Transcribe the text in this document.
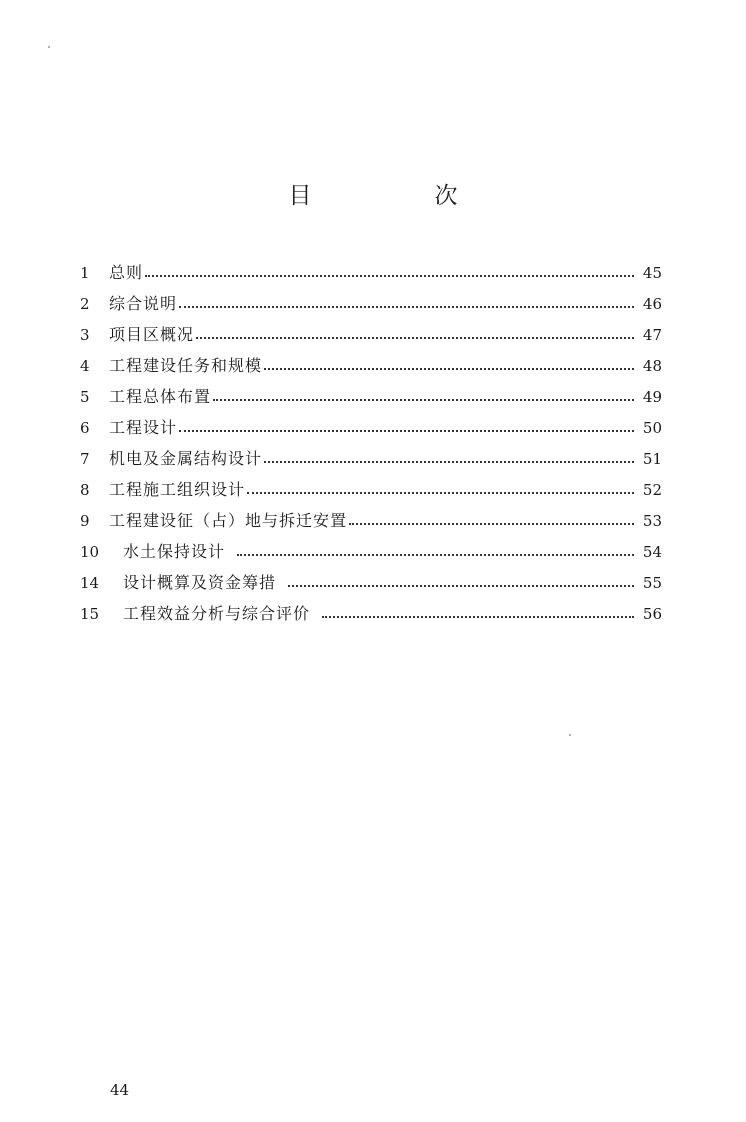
目　次
1	总则	45
2	综合说明	46
3	项目区概况	47
4	工程建设任务和规模	48
5	工程总体布置	49
6	工程设计	50
7	机电及金属结构设计	51
8	工程施工组织设计	52
9	工程建设征（占）地与拆迁安置	53
10	水土保持设计	54
14	设计概算及资金筹措	55
15	工程效益分析与综合评价	56
44
